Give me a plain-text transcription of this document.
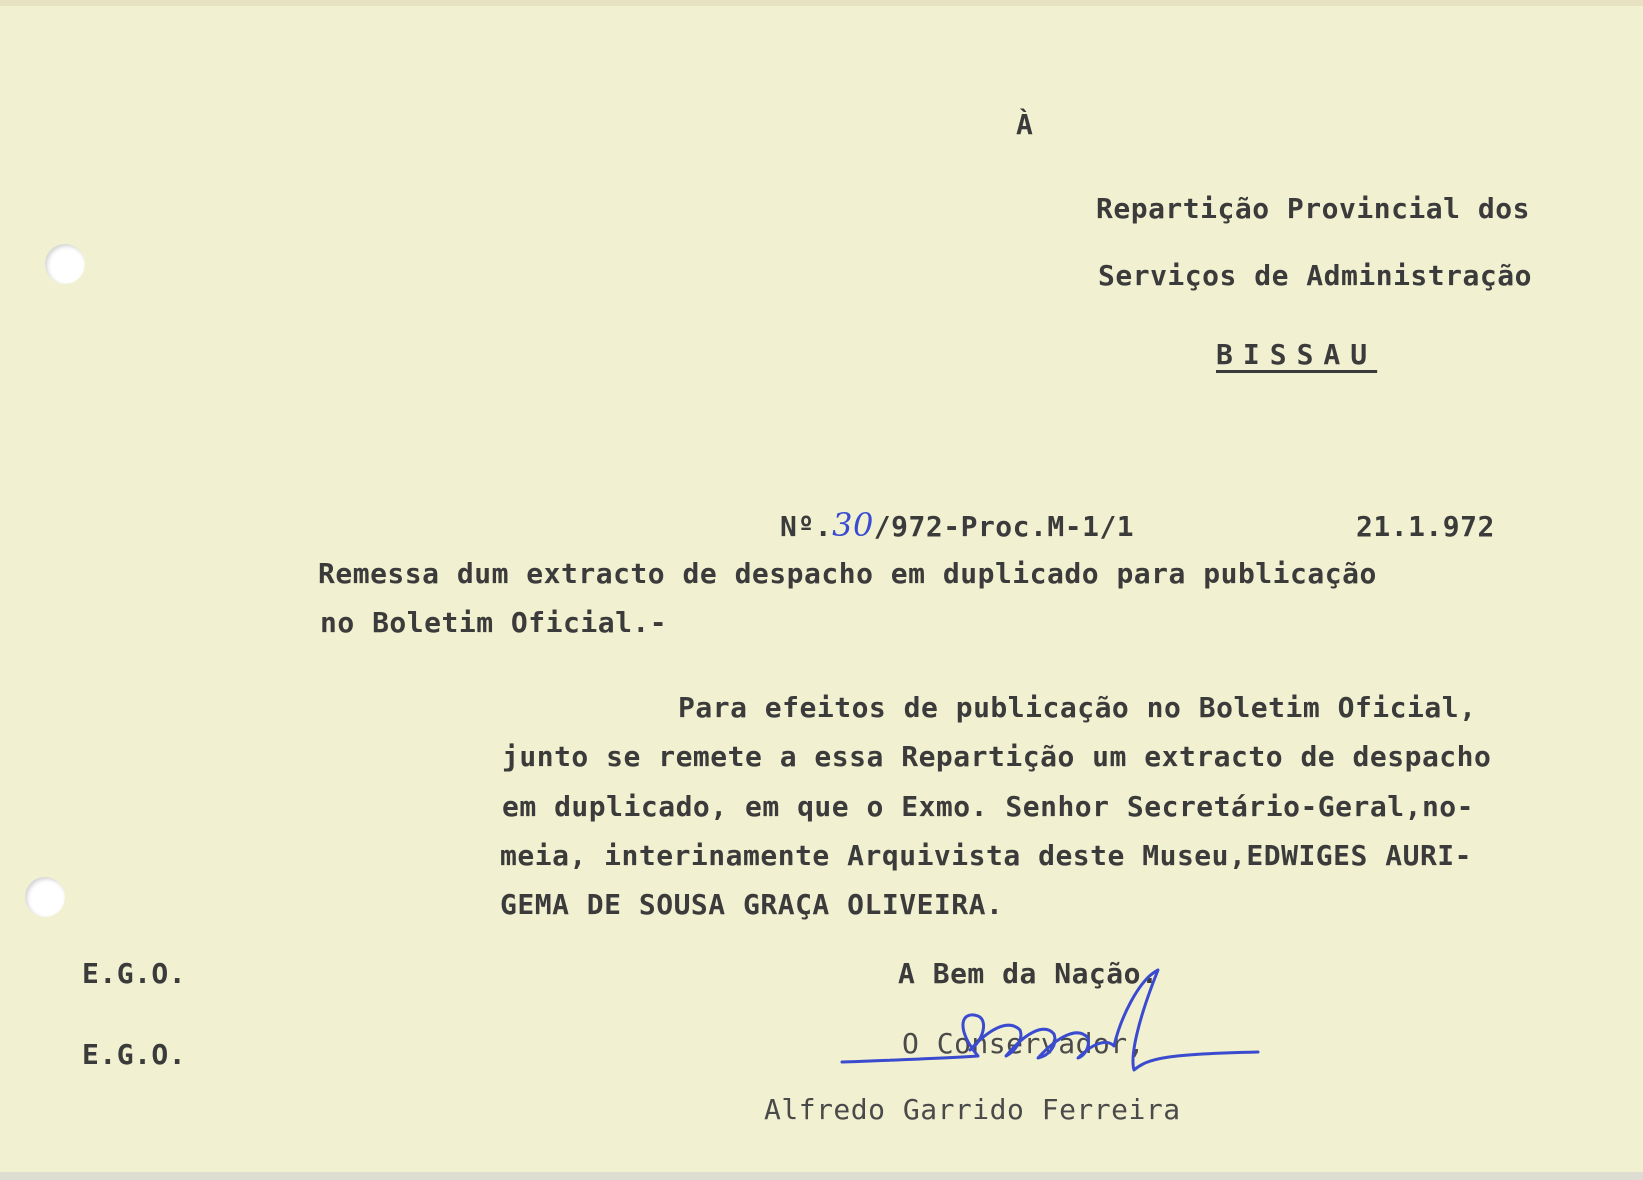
À
Repartição Provincial dos
Serviços de Administração
BISSAU
Nº.30/972-Proc.M-1/1	21.1.972
Remessa dum extracto de despacho em duplicado para publicação
no Boletim Oficial.-
Para efeitos de publicação no Boletim Oficial,
junto se remete a essa Repartição um extracto de despacho
em duplicado, em que o Exmo. Senhor Secretário-Geral,no-
meia, interinamente Arquivista deste Museu,EDWIGES AURI-
GEMA DE SOUSA GRAÇA OLIVEIRA.
E.G.O.
E.G.O.
A Bem da Nação.
O Conservador,
Alfredo Garrido Ferreira
